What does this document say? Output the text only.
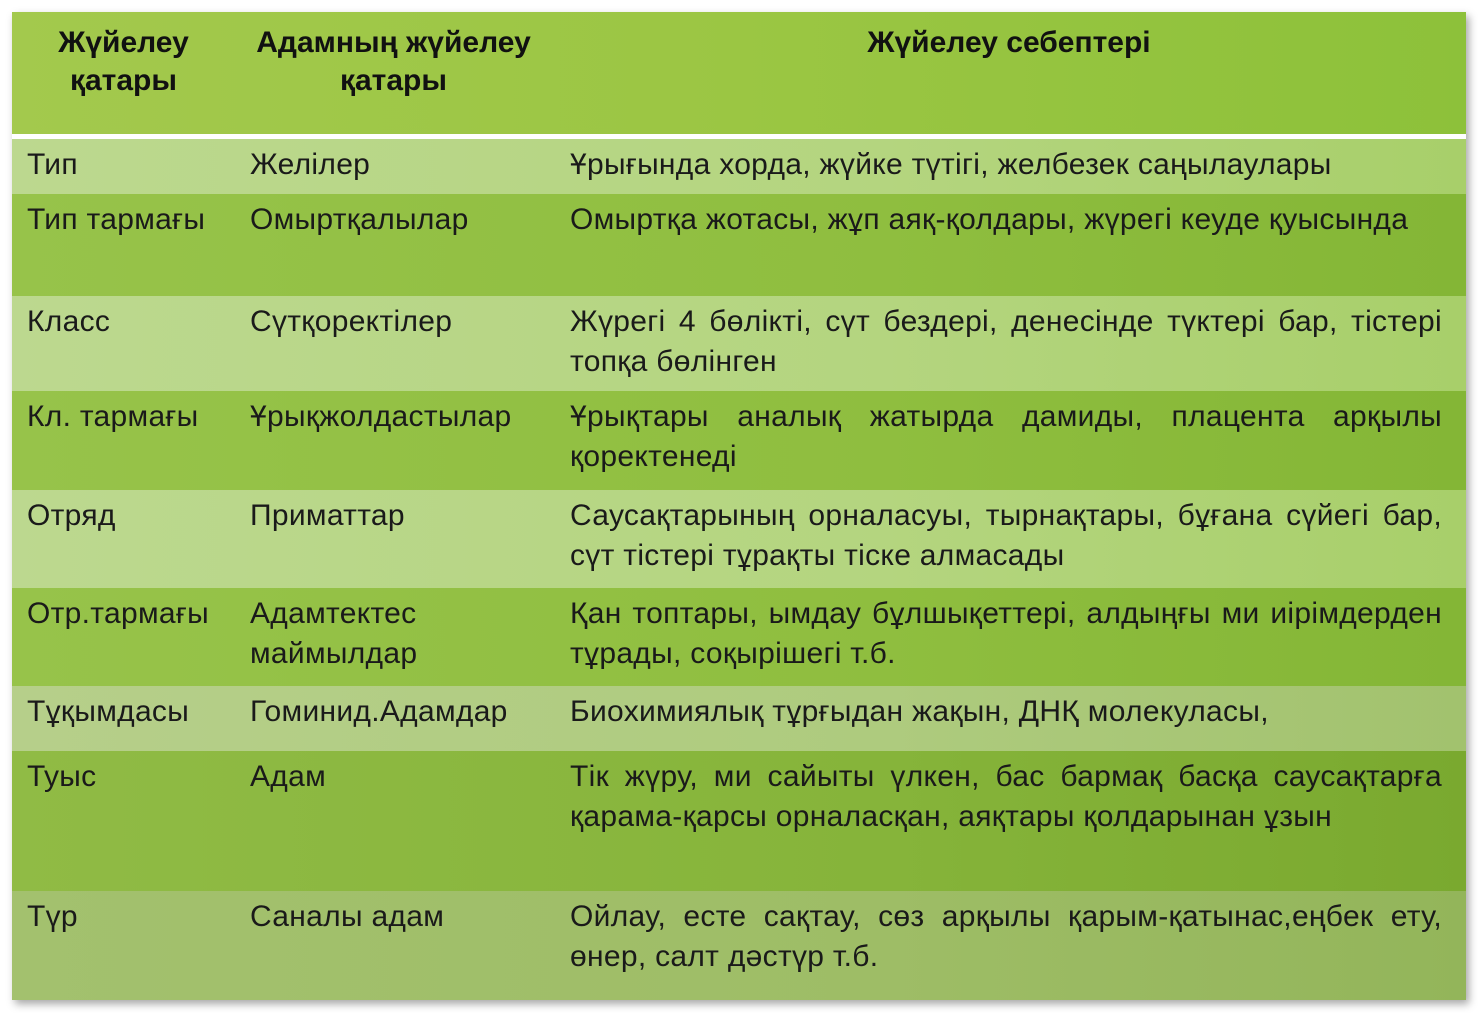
Жүйелеу қатары	Адамның жүйелеу қатары	Жүйелеу себептері

Тип	Желілер	Ұрығында хорда, жүйке түтігі, желбезек саңылаулары
Тип тармағы	Омыртқалылар	Омыртқа жотасы, жұп аяқ-қолдары, жүрегі кеуде қуысында
Класс	Сүтқоректілер	Жүрегі 4 бөлікті, сүт бездері, денесінде түктері бар, тістері топқа бөлінген
Кл. тармағы	Ұрықжолдастылар	Ұрықтары аналық жатырда дамиды, плацента арқылы қоректенеді
Отряд	Приматтар	Саусақтарының орналасуы, тырнақтары, бұғана сүйегі бар, сүт тістері тұрақты тіске алмасады
Отр.тармағы	Адамтектес маймылдар	Қан топтары, ымдау бұлшықеттері, алдыңғы ми иірімдерден тұрады, соқырішегі т.б.
Тұқымдасы	Гоминид.Адамдар	Биохимиялық тұрғыдан жақын, ДНҚ молекуласы,
Туыс	Адам	Тік жүру, ми сайыты үлкен, бас бармақ басқа саусақтарға қарама-қарсы орналасқан, аяқтары қолдарынан ұзын
Түр	Саналы адам	Ойлау, есте сақтау, сөз арқылы қарым-қатынас,еңбек ету, өнер, салт дәстүр т.б.
